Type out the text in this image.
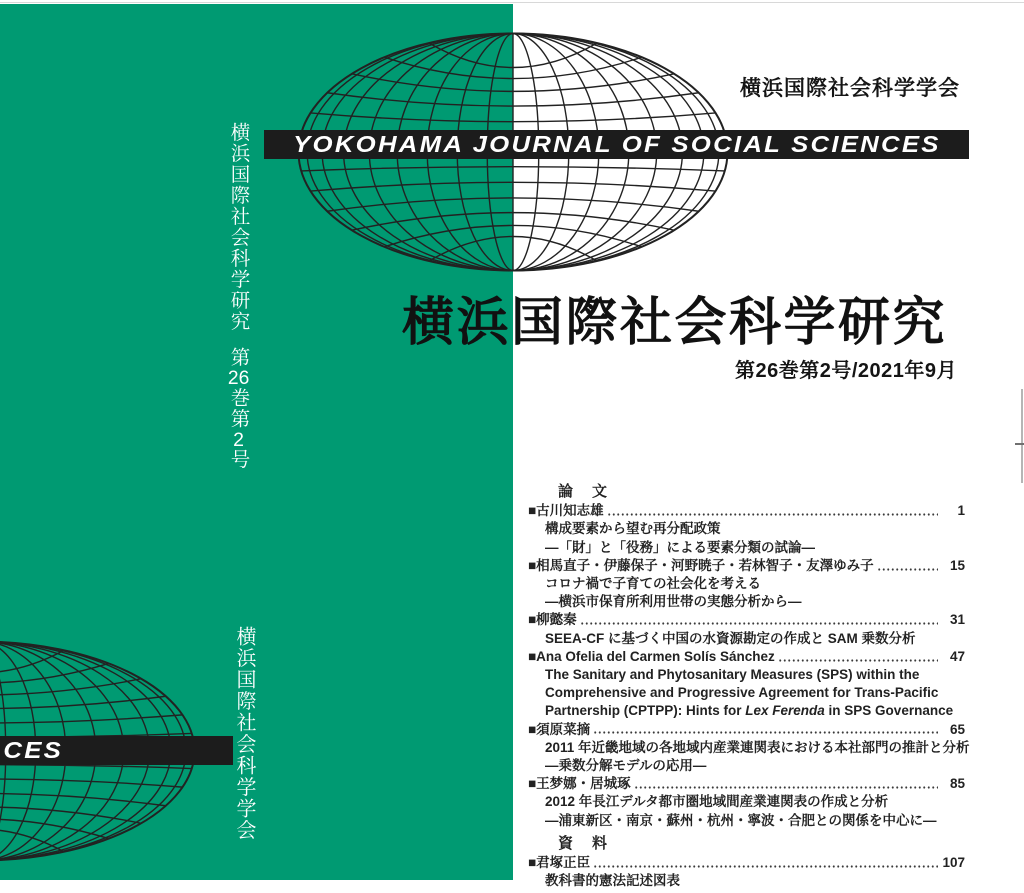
YOKOHAMA JOURNAL OF SOCIAL SCIENCES
CES
横浜国際社会科学学会
横浜国際社会科学研究第26巻第2号
横浜国際社会科学学会
横浜国際社会科学研究
第26巻第2号/2021年9月
論　文
■古川知志雄	1
構成要素から望む再分配政策
―「財」と「役務」による要素分類の試論―
■相馬直子・伊藤保子・河野暁子・若林智子・友澤ゆみ子	15
コロナ禍で子育ての社会化を考える
―横浜市保育所利用世帯の実態分析から―
■柳懿秦	31
SEEA-CF に基づく中国の水資源勘定の作成と SAM 乗数分析
■Ana Ofelia del Carmen Solís Sánchez	47
The Sanitary and Phytosanitary Measures (SPS) within the
Comprehensive and Progressive Agreement for Trans-Pacific
Partnership (CPTPP): Hints for Lex Ferenda in SPS Governance
■須原菜摘	65
2011 年近畿地域の各地域内産業連関表における本社部門の推計と分析
―乗数分解モデルの応用―
■王梦娜・居城琢	85
2012 年長江デルタ都市圏地域間産業連関表の作成と分析
―浦東新区・南京・蘇州・杭州・寧波・合肥との関係を中心に―
資　料
■君塚正臣	107
教科書的憲法記述図表
